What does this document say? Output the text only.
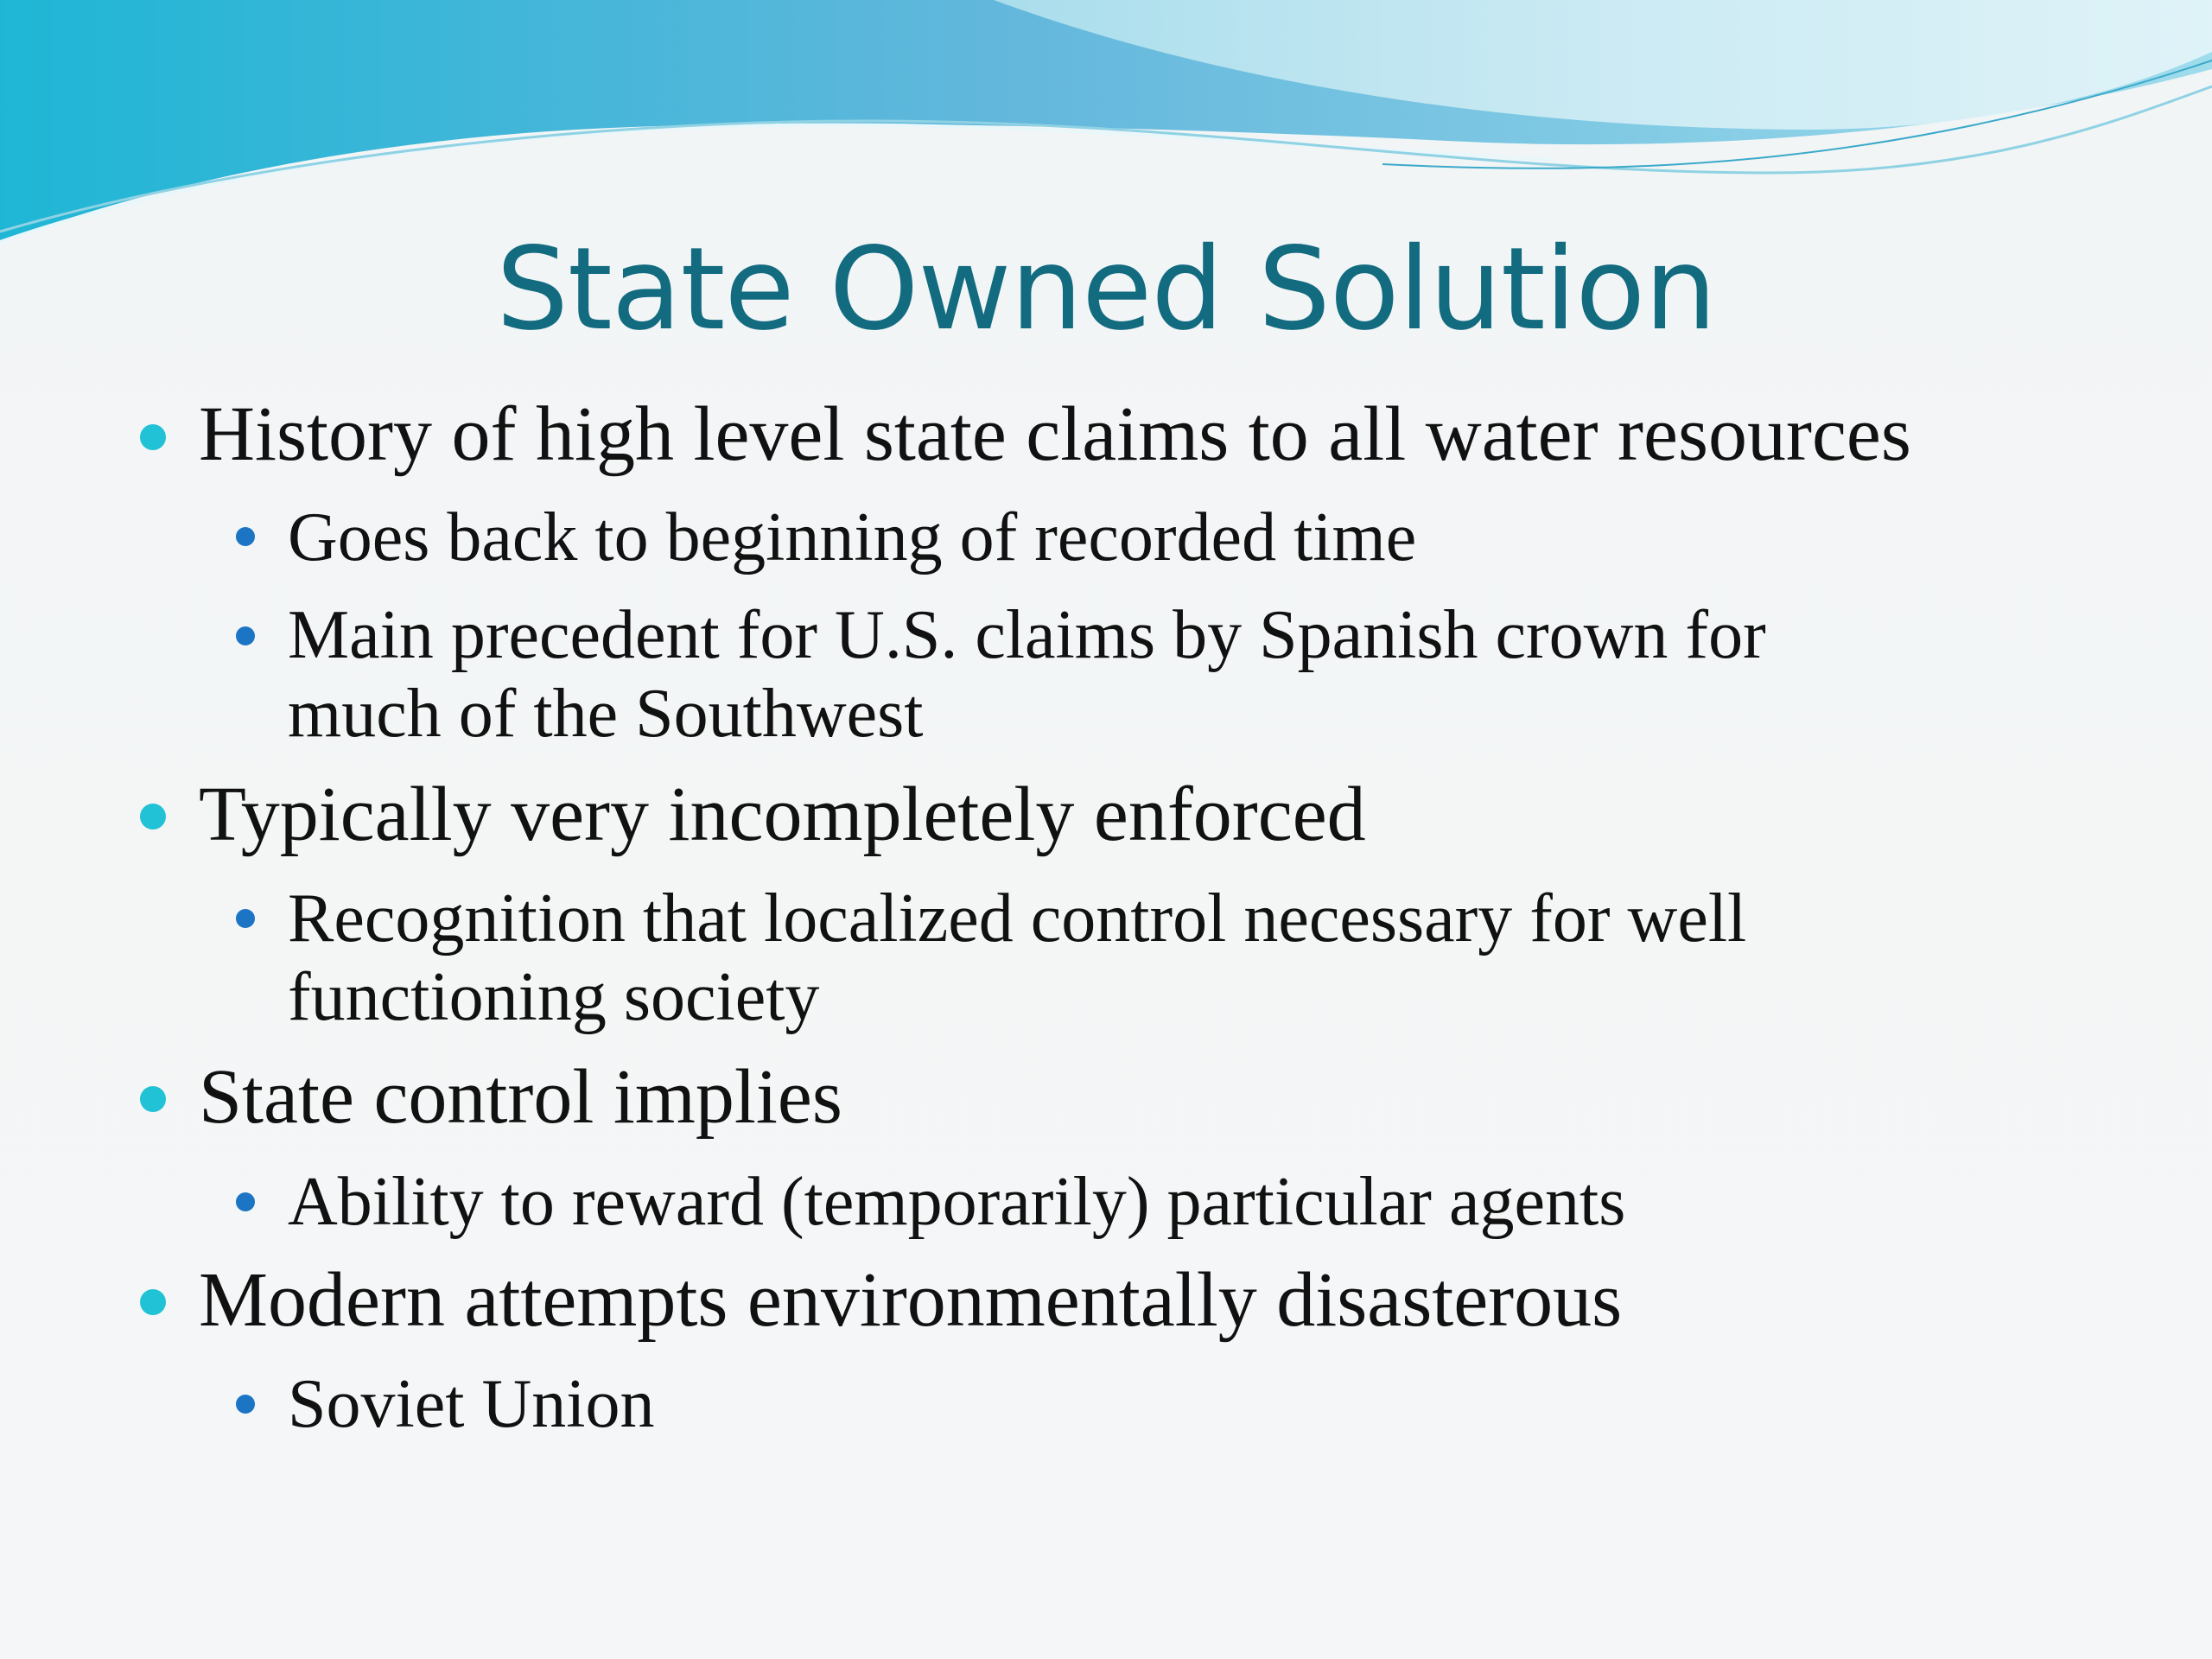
State Owned Solution
History of high level state claims to all water resources
Goes back to beginning of recorded time
Main precedent for U.S. claims by Spanish crown for
much of the Southwest
Typically very incompletely enforced
Recognition that localized control necessary for well
functioning society
State control implies
Ability to reward (temporarily) particular agents
Modern attempts environmentally disasterous
Soviet Union
